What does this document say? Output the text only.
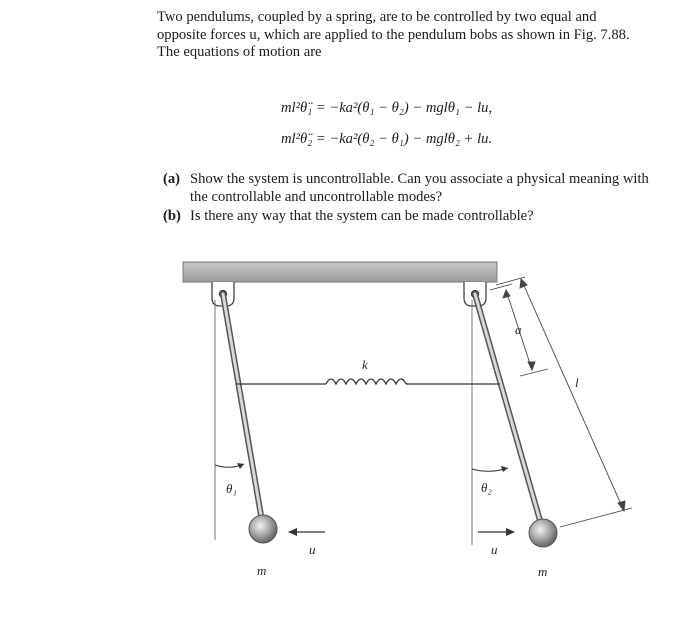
Two pendulums, coupled by a spring, are to be controlled by two equal and opposite forces u, which are applied to the pendulum bobs as shown in Fig. 7.88. The equations of motion are

ml²θ̈₁ = −ka²(θ₁ − θ₂) − mglθ₁ − lu,

ml²θ̈₂ = −ka²(θ₂ − θ₁) − mglθ₂ + lu.

(a) Show the system is uncontrollable. Can you associate a physical meaning with the controllable and uncontrollable modes?
(b) Is there any way that the system can be made controllable?
k
θ₁	θ₂
u	u
m	m
a
l
